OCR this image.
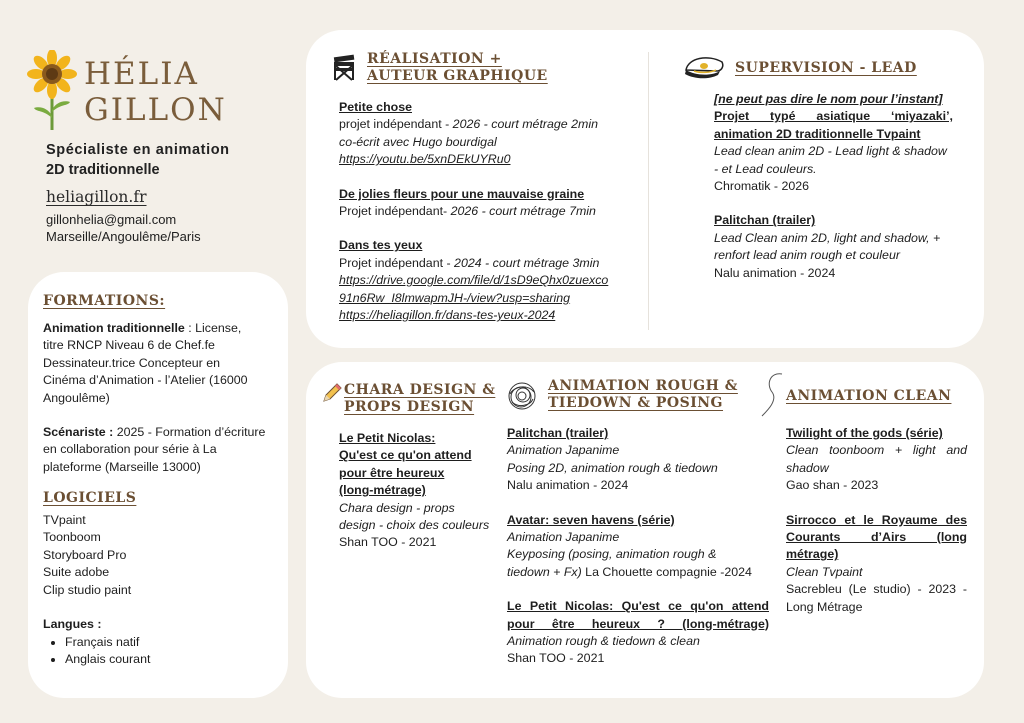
HÉLIA
GILLON
Spécialiste en animation
2D traditionnelle
heliagillon.fr
gillonhelia@gmail.com
Marseille/Angoulême/Paris
FORMATIONS:
Animation traditionnelle : License, titre RNCP Niveau 6 de Chef.fe Dessinateur.trice Concepteur en Cinéma d’Animation - l’Atelier (16000 Angoulême)
Scénariste : 2025 - Formation d’écriture en collaboration pour série à La plateforme (Marseille 13000)
LOGICIELS
TVpaint
Toonboom
Storyboard Pro
Suite adobe
Clip studio paint
Langues :
• Français natif
• Anglais courant
RÉALISATION +
AUTEUR GRAPHIQUE
Petite chose
projet indépendant - 2026 - court métrage 2min
co-écrit avec Hugo bourdigal
https://youtu.be/5xnDEkUYRu0
De jolies fleurs pour une mauvaise graine
Projet indépendant- 2026 - court métrage 7min
Dans tes yeux
Projet indépendant - 2024 - court métrage 3min
https://drive.google.com/file/d/1sD9eQhx0zuexco
91n6Rw_I8lmwapmJH-/view?usp=sharing
https://heliagillon.fr/dans-tes-yeux-2024
SUPERVISION - LEAD
[ne peut pas dire le nom pour l’instant]
Projet typé asiatique ‘miyazaki’,
animation 2D traditionnelle Tvpaint
Lead clean anim 2D - Lead light & shadow
- et Lead couleurs.
Chromatik - 2026
Palitchan (trailer)
Lead Clean anim 2D, light and shadow, +
renfort lead anim rough et couleur
Nalu animation - 2024
CHARA DESIGN &
PROPS DESIGN
Le Petit Nicolas:
Qu'est ce qu'on attend
pour être heureux
(long-métrage)
Chara design - props
design - choix des couleurs
Shan TOO - 2021
ANIMATION ROUGH &
TIEDOWN & POSING
Palitchan (trailer)
Animation Japanime
Posing 2D, animation rough & tiedown
Nalu animation - 2024
Avatar: seven havens (série)
Animation Japanime
Keyposing (posing, animation rough &
tiedown + Fx) La Chouette compagnie -2024
Le Petit Nicolas: Qu'est ce qu'on attend
pour être heureux ? (long-métrage)
Animation rough & tiedown & clean
Shan TOO - 2021
ANIMATION CLEAN
Twilight of the gods (série)
Clean toonboom + light and
shadow
Gao shan - 2023
Sirrocco et le Royaume des
Courants d’Airs (long
métrage)
Clean Tvpaint
Sacrebleu (Le studio) - 2023 -
Long Métrage
